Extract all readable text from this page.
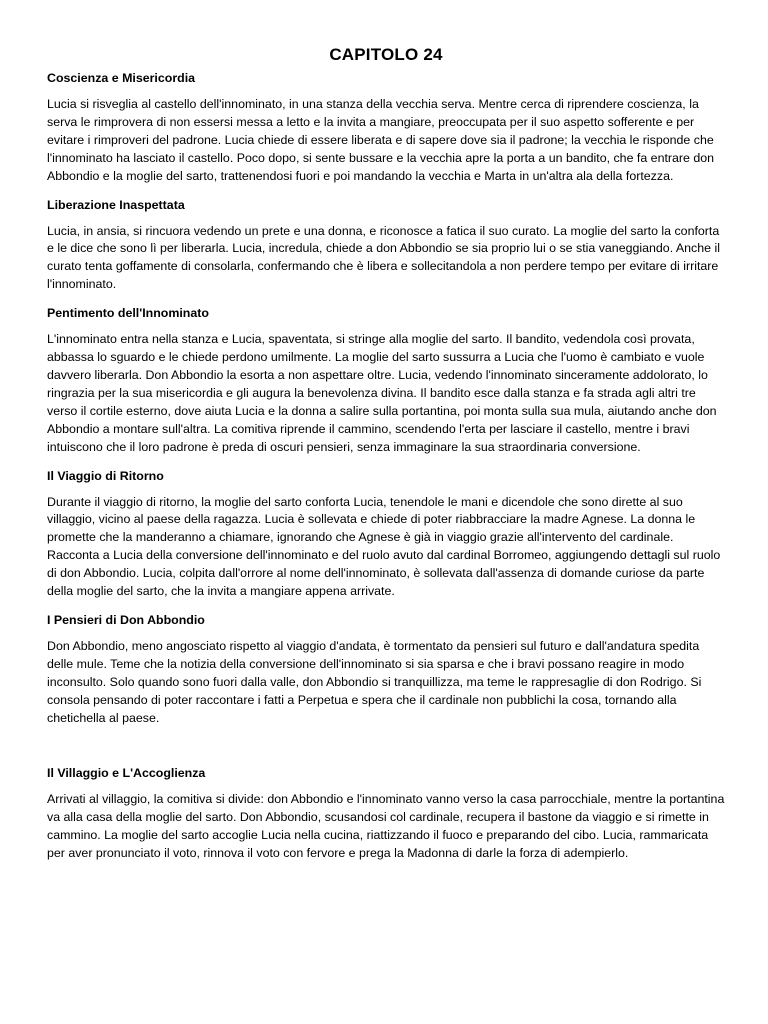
CAPITOLO 24
Coscienza e Misericordia

Lucia si risveglia al castello dell'innominato, in una stanza della vecchia serva. Mentre cerca di riprendere coscienza, la serva le rimprovera di non essersi messa a letto e la invita a mangiare, preoccupata per il suo aspetto sofferente e per evitare i rimproveri del padrone. Lucia chiede di essere liberata e di sapere dove sia il padrone; la vecchia le risponde che l'innominato ha lasciato il castello. Poco dopo, si sente bussare e la vecchia apre la porta a un bandito, che fa entrare don Abbondio e la moglie del sarto, trattenendosi fuori e poi mandando la vecchia e Marta in un'altra ala della fortezza.

Liberazione Inaspettata

Lucia, in ansia, si rincuora vedendo un prete e una donna, e riconosce a fatica il suo curato. La moglie del sarto la conforta e le dice che sono lì per liberarla. Lucia, incredula, chiede a don Abbondio se sia proprio lui o se stia vaneggiando. Anche il curato tenta goffamente di consolarla, confermando che è libera e sollecitandola a non perdere tempo per evitare di irritare l'innominato.

Pentimento dell'Innominato

L'innominato entra nella stanza e Lucia, spaventata, si stringe alla moglie del sarto. Il bandito, vedendola così provata, abbassa lo sguardo e le chiede perdono umilmente. La moglie del sarto sussurra a Lucia che l'uomo è cambiato e vuole davvero liberarla. Don Abbondio la esorta a non aspettare oltre. Lucia, vedendo l'innominato sinceramente addolorato, lo ringrazia per la sua misericordia e gli augura la benevolenza divina. Il bandito esce dalla stanza e fa strada agli altri tre verso il cortile esterno, dove aiuta Lucia e la donna a salire sulla portantina, poi monta sulla sua mula, aiutando anche don Abbondio a montare sull'altra. La comitiva riprende il cammino, scendendo l'erta per lasciare il castello, mentre i bravi intuiscono che il loro padrone è preda di oscuri pensieri, senza immaginare la sua straordinaria conversione.

Il Viaggio di Ritorno

Durante il viaggio di ritorno, la moglie del sarto conforta Lucia, tenendole le mani e dicendole che sono dirette al suo villaggio, vicino al paese della ragazza. Lucia è sollevata e chiede di poter riabbracciare la madre Agnese. La donna le promette che la manderanno a chiamare, ignorando che Agnese è già in viaggio grazie all'intervento del cardinale. Racconta a Lucia della conversione dell'innominato e del ruolo avuto dal cardinal Borromeo, aggiungendo dettagli sul ruolo di don Abbondio. Lucia, colpita dall'orrore al nome dell'innominato, è sollevata dall'assenza di domande curiose da parte della moglie del sarto, che la invita a mangiare appena arrivate.

I Pensieri di Don Abbondio

Don Abbondio, meno angosciato rispetto al viaggio d'andata, è tormentato da pensieri sul futuro e dall'andatura spedita delle mule. Teme che la notizia della conversione dell'innominato si sia sparsa e che i bravi possano reagire in modo inconsulto. Solo quando sono fuori dalla valle, don Abbondio si tranquillizza, ma teme le rappresaglie di don Rodrigo. Si consola pensando di poter raccontare i fatti a Perpetua e spera che il cardinale non pubblichi la cosa, tornando alla chetichella al paese.

Il Villaggio e L'Accoglienza

Arrivati al villaggio, la comitiva si divide: don Abbondio e l'innominato vanno verso la casa parrocchiale, mentre la portantina va alla casa della moglie del sarto. Don Abbondio, scusandosi col cardinale, recupera il bastone da viaggio e si rimette in cammino. La moglie del sarto accoglie Lucia nella cucina, riattizzando il fuoco e preparando del cibo. Lucia, rammaricata per aver pronunciato il voto, rinnova il voto con fervore e prega la Madonna di darle la forza di adempierlo.
